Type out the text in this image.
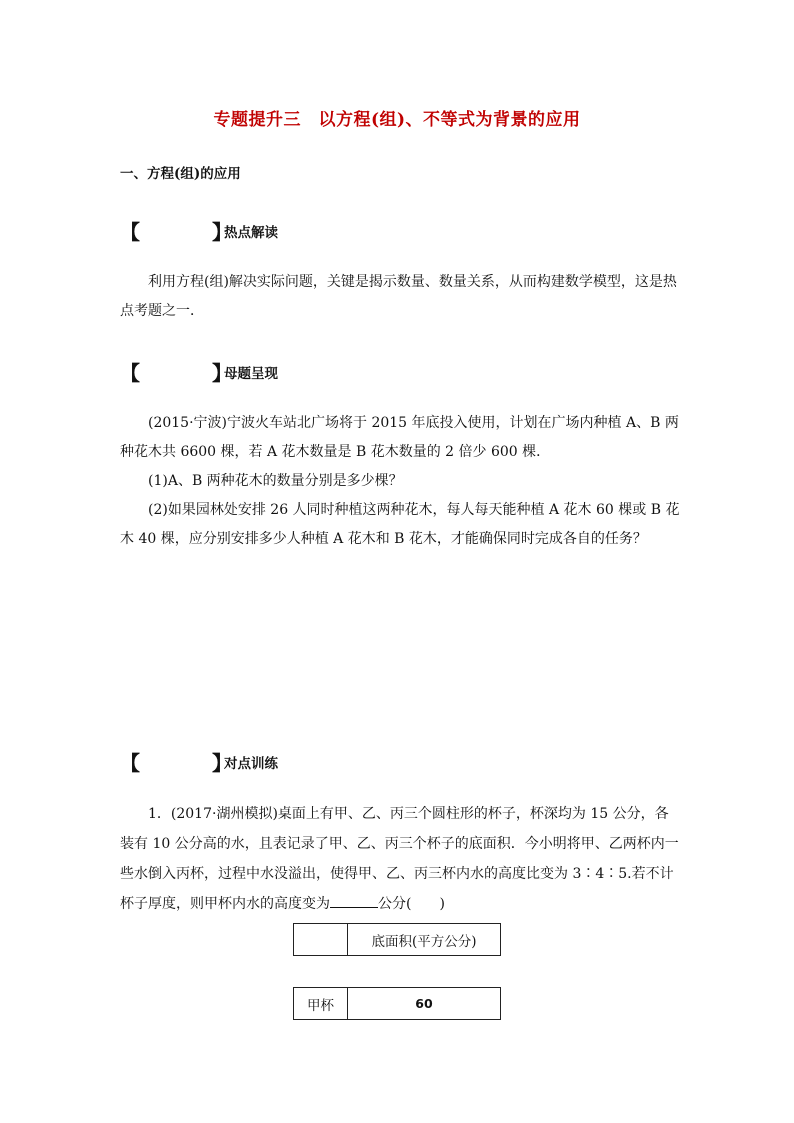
专题提升三　以方程(组)、不等式为背景的应用
一、方程(组)的应用
【	】
热点解读

利用方程(组)解决实际问题，关键是揭示数量、数量关系，从而构建数学模型，这是热点考题之一．

【	】
母题呈现

(2015·宁波)宁波火车站北广场将于 2015 年底投入使用，计划在广场内种植 A、B 两种花木共 6600 棵，若 A 花木数量是 B 花木数量的 2 倍少 600 棵．

(1)A、B 两种花木的数量分别是多少棵？

(2)如果园林处安排 26 人同时种植这两种花木，每人每天能种植 A 花木 60 棵或 B 花木 40 棵，应分别安排多少人种植 A 花木和 B 花木，才能确保同时完成各自的任务？

【	】
对点训练

1．(2017·湖州模拟)桌面上有甲、乙、丙三个圆柱形的杯子，杯深均为 15 公分，各装有 10 公分高的水，且表记录了甲、乙、丙三个杯子的底面积．今小明将甲、乙两杯内一些水倒入丙杯，过程中水没溢出，使得甲、乙、丙三杯内水的高度比变为 3∶4∶5.若不计杯子厚度，则甲杯内水的高度变为	公分(　　)

	底面积(平方公分)
甲杯	60
